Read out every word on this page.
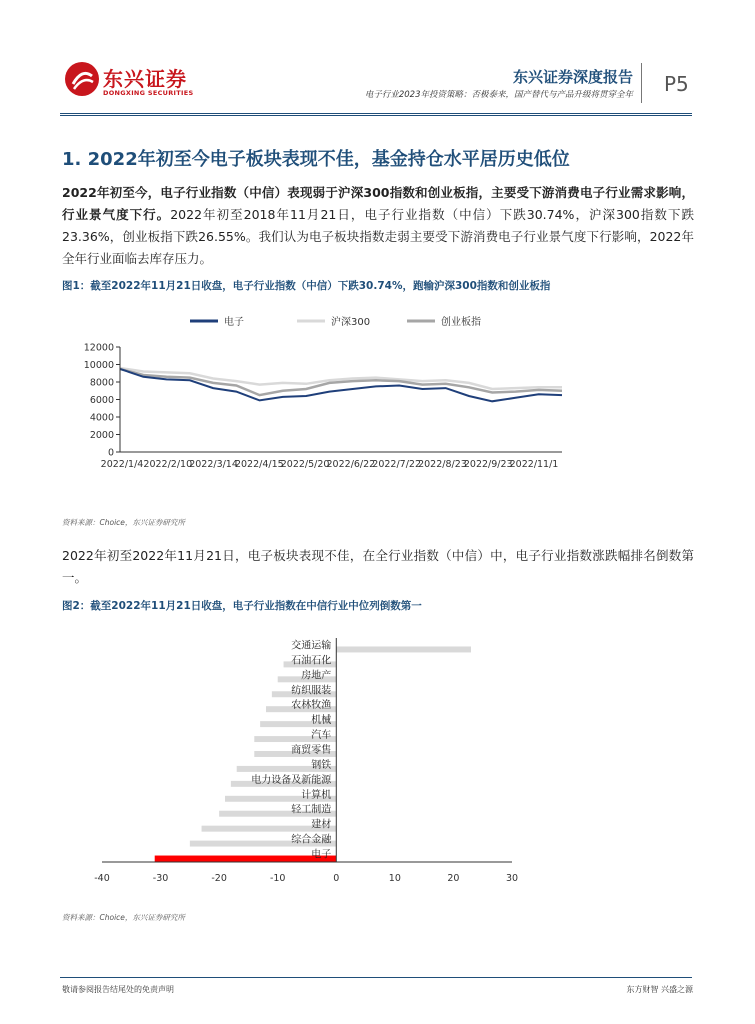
东兴证券
DONGXING SECURITIES
东兴证券深度报告
电子行业2023年投资策略：否极泰来，国产替代与产品升级将贯穿全年 P5
1. 2022年初至今电子板块表现不佳，基金持仓水平居历史低位
2022年初至今，电子行业指数（中信）表现弱于沪深300指数和创业板指，主要受下游消费电子行业需求影响，行业景气度下行。2022年初至2018年11月21日，电子行业指数（中信）下跌30.74%，沪深300指数下跌23.36%，创业板指下跌26.55%。我们认为电子板块指数走弱主要受下游消费电子行业景气度下行影响，2022年全年行业面临去库存压力。
图1：截至2022年11月21日收盘，电子行业指数（中信）下跌30.74%，跑输沪深300指数和创业板指
电子	沪深300	创业板指
0
2000
4000
6000
8000
10000
12000
2022/1/4 2022/2/10
2022/3/14
2022/4/15
2022/5/20
2022/6/22
2022/7/22
2022/8/23
2022/9/23
2022/11/1
资料来源：Choice，东兴证券研究所
2022年初至2022年11月21日，电子板块表现不佳，在全行业指数（中信）中，电子行业指数涨跌幅排名倒数第一。
图2：截至2022年11月21日收盘，电子行业指数在中信行业中位列倒数第一
交通运输
石油石化
房地产
纺织服装
农林牧渔
机械
汽车
商贸零售
钢铁
电力设备及新能源
计算机
轻工制造
建材
综合金融
电子
-40	-30	-20	-10	0	10	20	30
资料来源：Choice，东兴证券研究所
敬请参阅报告结尾处的免责声明	东方财智 兴盛之源
